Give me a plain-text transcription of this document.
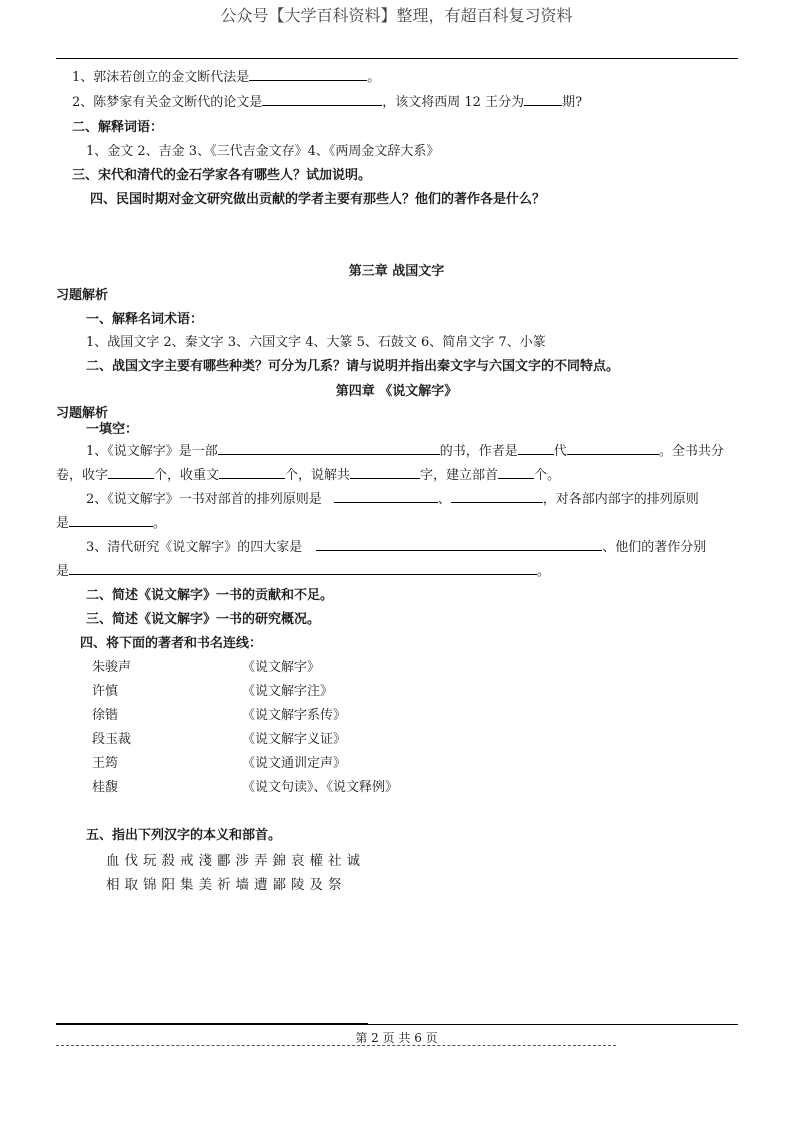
公众号【大学百科资料】整理，有超百科复习资料
1、郭沫若创立的金文断代法是	。
2、陈梦家有关金文断代的论文是	，该文将西周 12 王分为	期?
二、解释词语：
1、金文 2、吉金 3、《三代吉金文存》4、《两周金文辞大系》
三、宋代和清代的金石学家各有哪些人？试加说明。
四、民国时期对金文研究做出贡献的学者主要有那些人？他们的著作各是什么？
第三章 战国文字
习题解析
一、解释名词术语：
1、战国文字 2、秦文字 3、六国文字 4、大篆 5、石鼓文 6、简帛文字 7、小篆
二、战国文字主要有哪些种类？可分为几系？请与说明并指出秦文字与六国文字的不同特点。
第四章 《说文解字》
习题解析
一填空：
1、《说文解字》是一部	的书，作者是	代	。全书共分
卷，收字	个，收重文	个，说解共	字，建立部首	个。
2、《说文解字》一书对部首的排列原则是	、	，对各部内部字的排列原则
是	。
3、清代研究《说文解字》的四大家是	、他们的著作分别
是	。
二、简述《说文解字》一书的贡献和不足。
三、简述《说文解字》一书的研究概况。
四、将下面的著者和书名连线：
朱骏声	《说文解字》
许慎	《说文解字注》
徐锴	《说文解字系传》
段玉裁	《说文解字义证》
王筠	《说文通训定声》
桂馥	《说文句读》、《说文释例》
五、指出下列汉字的本义和部首。
血伐玩殺戒淺酈涉弄錦哀權社诚
相取锦阳集美祈墙遭鄙陵及祭
第 2 页 共 6 页
